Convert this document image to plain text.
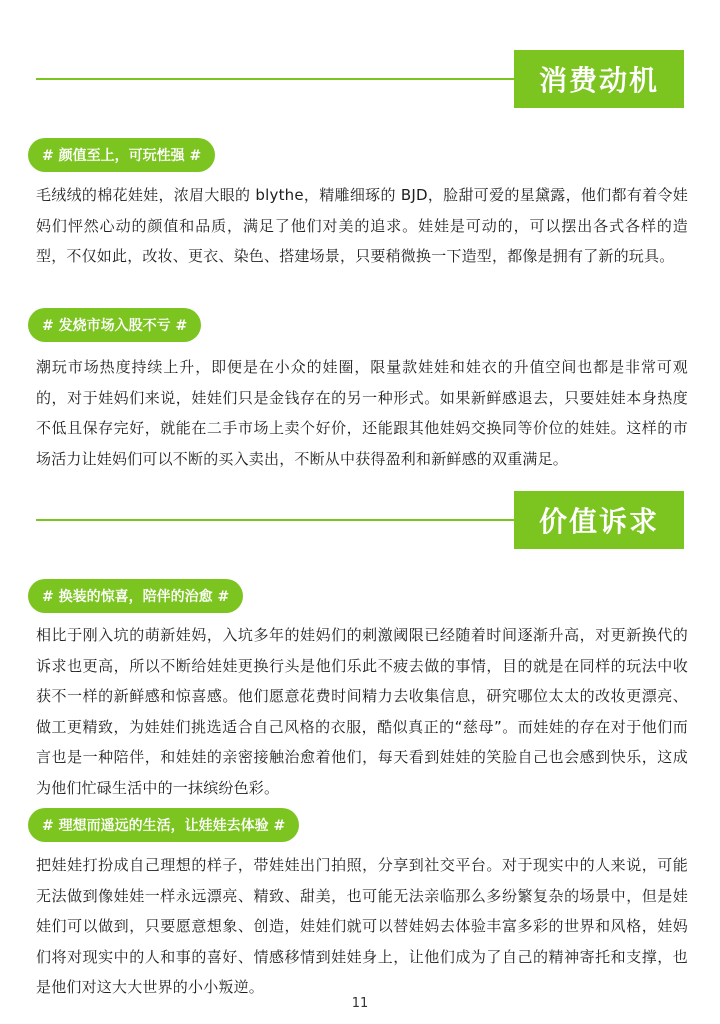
消费动机
# 颜值至上，可玩性强 #
毛绒绒的棉花娃娃，浓眉大眼的 blythe，精雕细琢的 BJD，脸甜可爱的星黛露，他们都有着令娃妈们怦然心动的颜值和品质，满足了他们对美的追求。娃娃是可动的，可以摆出各式各样的造型，不仅如此，改妆、更衣、染色、搭建场景，只要稍微换一下造型，都像是拥有了新的玩具。
# 发烧市场入股不亏 #
潮玩市场热度持续上升，即便是在小众的娃圈，限量款娃娃和娃衣的升值空间也都是非常可观的，对于娃妈们来说，娃娃们只是金钱存在的另一种形式。如果新鲜感退去，只要娃娃本身热度不低且保存完好，就能在二手市场上卖个好价，还能跟其他娃妈交换同等价位的娃娃。这样的市场活力让娃妈们可以不断的买入卖出，不断从中获得盈利和新鲜感的双重满足。
价值诉求
# 换装的惊喜，陪伴的治愈 #
相比于刚入坑的萌新娃妈，入坑多年的娃妈们的刺激阈限已经随着时间逐渐升高，对更新换代的诉求也更高，所以不断给娃娃更换行头是他们乐此不疲去做的事情，目的就是在同样的玩法中收获不一样的新鲜感和惊喜感。他们愿意花费时间精力去收集信息，研究哪位太太的改妆更漂亮、做工更精致，为娃娃们挑选适合自己风格的衣服，酷似真正的“慈母”。而娃娃的存在对于他们而言也是一种陪伴，和娃娃的亲密接触治愈着他们，每天看到娃娃的笑脸自己也会感到快乐，这成为他们忙碌生活中的一抹缤纷色彩。
# 理想而遥远的生活，让娃娃去体验 #
把娃娃打扮成自己理想的样子，带娃娃出门拍照，分享到社交平台。对于现实中的人来说，可能无法做到像娃娃一样永远漂亮、精致、甜美，也可能无法亲临那么多纷繁复杂的场景中，但是娃娃们可以做到，只要愿意想象、创造，娃娃们就可以替娃妈去体验丰富多彩的世界和风格，娃妈们将对现实中的人和事的喜好、情感移情到娃娃身上，让他们成为了自己的精神寄托和支撑，也是他们对这大大世界的小小叛逆。
11
